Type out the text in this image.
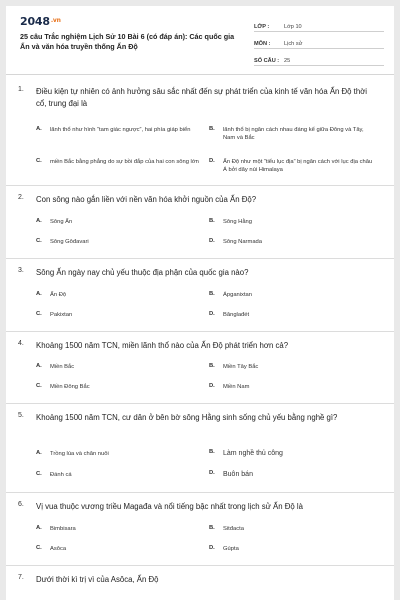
$2048^{.vn}$
25 câu Trắc nghiệm Lịch Sử 10 Bài 6 (có đáp án): Các quốc gia Ấn và văn hóa truyền thống Ấn Độ
LỚP :	Lớp 10
MÔN :	Lịch sử
SỐ CÂU : 25
1. Điều kiện tự nhiên có ảnh hưởng sâu sắc nhất đến sự phát triển của kinh tế văn hóa Ấn Độ thời cổ, trung đại là
A.	lãnh thổ như hình “tam giác ngược”, hai phía giáp biển	B.	lãnh thổ bị ngăn cách nhau đáng kể giữa Đông và Tây, Nam và Bắc
C.	miền Bắc bằng phẳng do sự bồi đắp của hai con sông lớn D.	Ấn Độ như một “tiểu lục địa” bị ngăn cách với lục địa châu Á bởi dãy núi Himalaya
2. Con sông nào gắn liền với nền văn hóa khởi nguồn của Ấn Độ?
A.	Sông Ấn	B.	Sông Hằng
C.	Sông Gôđavari	D.	Sông Narmada
3. Sông Ấn ngày nay chủ yếu thuộc địa phận của quốc gia nào?
A.	Ấn Độ	B.	Ápganixtan
C.	Pakixtan	D.	Bănglađét
4. Khoảng 1500 năm TCN, miền lãnh thổ nào của Ấn Độ phát triển hơn cả?
A.	Miền Bắc	B.	Miền Tây Bắc
C.	Miền Đông Bắc	D.	Miền Nam
5. Khoảng 1500 năm TCN, cư dân ở bên bờ sông Hằng sinh sống chủ yếu bằng nghề gì?
A.	Trồng lúa và chăn nuôi	B.	Làm nghề thủ công
C.	Đánh cá	D.	Buôn bán
6. Vị vua thuộc vương triều Magađa và nổi tiếng bậc nhất trong lịch sử Ấn Độ là
A.	Bimbisara	B.	Sitđacta
C.	Asôca	D.	Gúpta
7. Dưới thời kì trị vì của Asôca, Ấn Độ
